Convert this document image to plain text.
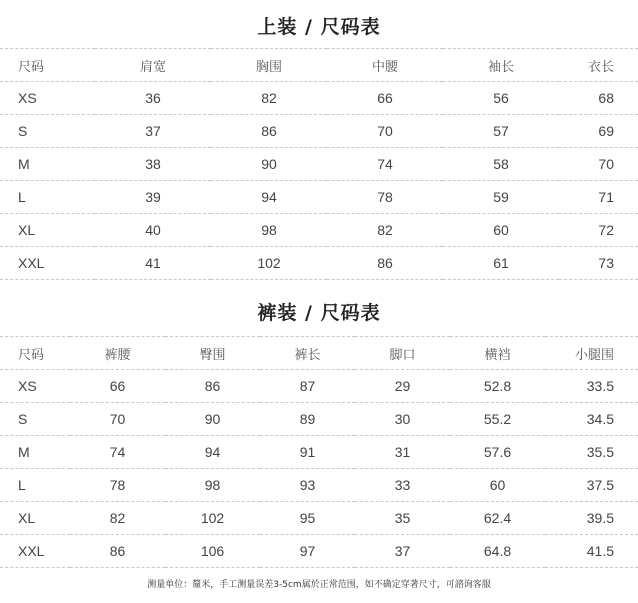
上装 / 尺码表
尺码	肩宽	胸围	中腰	袖长	衣长
XS	36	82	66	56	68
S	37	86	70	57	69
M	38	90	74	58	70
L	39	94	78	59	71
XL	40	98	82	60	72
XXL	41	102	86	61	73
裤装 / 尺码表
尺码	裤腰	臀围	裤长	脚口	横裆	小腿围
XS	66	86	87	29	52.8	33.5
S	70	90	89	30	55.2	34.5
M	74	94	91	31	57.6	35.5
L	78	98	93	33	60	37.5
XL	82	102	95	35	62.4	39.5
XXL	86	106	97	37	64.8	41.5
测量单位：釐米，手工测量误差3-5cm属於正常范围，如不确定穿著尺寸，可諮询客服
